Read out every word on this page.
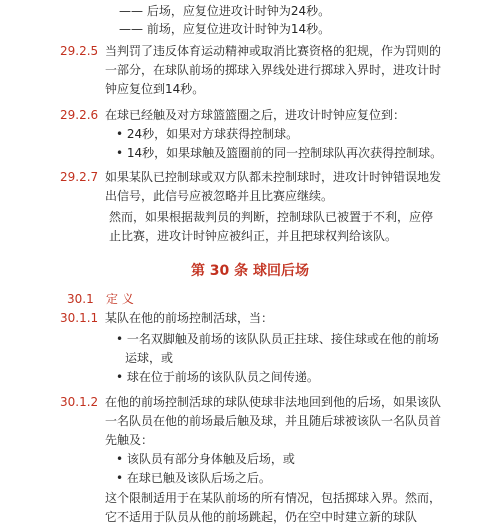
—— 后场，应复位进攻计时钟为24秒。
—— 前场，应复位进攻计时钟为14秒。
29.2.5 当判罚了违反体育运动精神或取消比赛资格的犯规，作为罚则的
一部分，在球队前场的掷球入界线处进行掷球入界时，进攻计时
钟应复位到14秒。
29.2.6 在球已经触及对方球篮篮圈之后，进攻计时钟应复位到：
• 24秒，如果对方球获得控制球。
• 14秒，如果球触及篮圈前的同一控制球队再次获得控制球。
29.2.7 如果某队已控制球或双方队都未控制球时，进攻计时钟错误地发
出信号，此信号应被忽略并且比赛应继续。
然而，如果根据裁判员的判断，控制球队已被置于不利，应停
止比赛，进攻计时钟应被纠正，并且把球权判给该队。
第 30 条 球回后场
30.1 定 义
30.1.1 某队在他的前场控制活球，当：
• 一名双脚触及前场的该队队员正拄球、接住球或在他的前场
运球，或
• 球在位于前场的该队队员之间传递。
30.1.2 在他的前场控制活球的球队使球非法地回到他的后场，如果该队
一名队员在他的前场最后触及球，并且随后球被该队一名队员首
先触及：
• 该队员有部分身体触及后场，或
• 在球已触及该队后场之后。
这个限制适用于在某队前场的所有情况，包括掷球入界。然而，
它不适用于队员从他的前场跳起，仍在空中时建立新的球队
